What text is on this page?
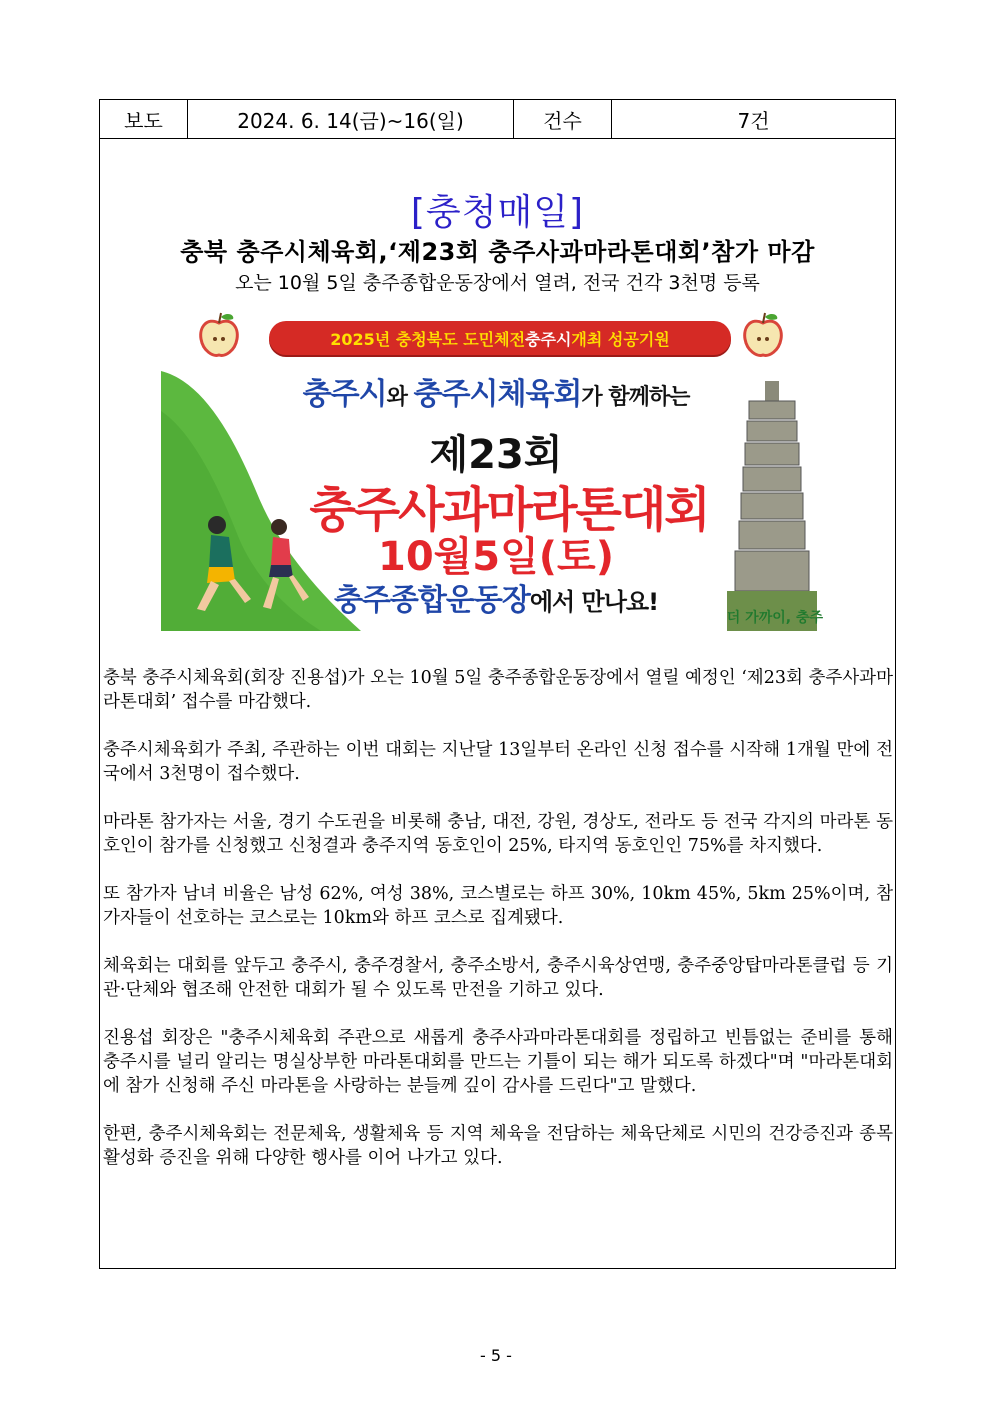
보도	2024. 6. 14(금)~16(일)	건수	7건
[충청매일]
충북 충주시체육회,‘제23회 충주사과마라톤대회’참가 마감
오는 10월 5일 충주종합운동장에서 열려, 전국 건각 3천명 등록
2025년 충청북도 도민체전 충주시 개최 성공기원
충주시와 충주시체육회가 함께하는
제23회
충주사과마라톤대회
10월5일(토)
충주종합운동장에서 만나요!
더 가까이, 충주

충북 충주시체육회(회장 진용섭)가 오는 10월 5일 충주종합운동장에서 열릴 예정인 ‘제23회 충주사과마라톤대회’ 접수를 마감했다.

충주시체육회가 주최, 주관하는 이번 대회는 지난달 13일부터 온라인 신청 접수를 시작해 1개월 만에 전국에서 3천명이 접수했다.

마라톤 참가자는 서울, 경기 수도권을 비롯해 충남, 대전, 강원, 경상도, 전라도 등 전국 각지의 마라톤 동호인이 참가를 신청했고 신청결과 충주지역 동호인이 25%, 타지역 동호인인 75%를 차지했다.

또 참가자 남녀 비율은 남성 62%, 여성 38%, 코스별로는 하프 30%, 10km 45%, 5km 25%이며, 참가자들이 선호하는 코스로는 10km와 하프 코스로 집계됐다.

체육회는 대회를 앞두고 충주시, 충주경찰서, 충주소방서, 충주시육상연맹, 충주중앙탑마라톤클럽 등 기관·단체와 협조해 안전한 대회가 될 수 있도록 만전을 기하고 있다.

진용섭 회장은 "충주시체육회 주관으로 새롭게 충주사과마라톤대회를 정립하고 빈틈없는 준비를 통해 충주시를 널리 알리는 명실상부한 마라톤대회를 만드는 기틀이 되는 해가 되도록 하겠다"며 "마라톤대회에 참가 신청해 주신 마라톤을 사랑하는 분들께 깊이 감사를 드린다"고 말했다.

한편, 충주시체육회는 전문체육, 생활체육 등 지역 체육을 전담하는 체육단체로 시민의 건강증진과 종목활성화 증진을 위해 다양한 행사를 이어 나가고 있다.

- 5 -
